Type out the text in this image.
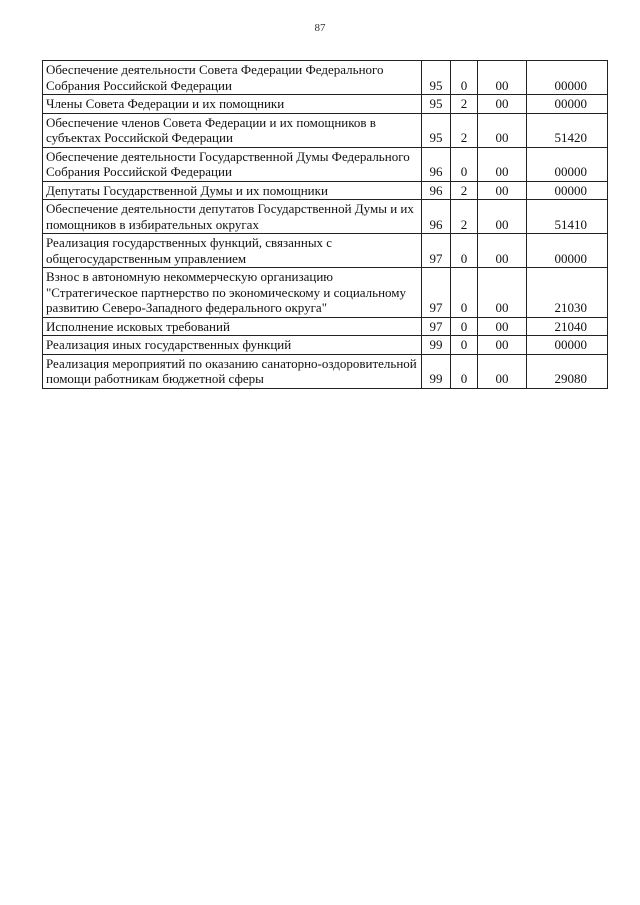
87
Обеспечение деятельности Совета Федерации Федерального Собрания Российской Федерации	95	0	00	00000
Члены Совета Федерации и их помощники	95	2	00	00000
Обеспечение членов Совета Федерации и их помощников в субъектах Российской Федерации	95	2	00	51420
Обеспечение деятельности Государственной Думы Федерального Собрания Российской Федерации	96	0	00	00000
Депутаты Государственной Думы и их помощники	96	2	00	00000
Обеспечение деятельности депутатов Государственной Думы и их помощников в избирательных округах	96	2	00	51410
Реализация государственных функций, связанных с общегосударственным управлением	97	0	00	00000
Взнос в автономную некоммерческую организацию "Стратегическое партнерство по экономическому и социальному развитию Северо-Западного федерального округа"	97	0	00	21030
Исполнение исковых требований	97	0	00	21040
Реализация иных государственных функций	99	0	00	00000
Реализация мероприятий по оказанию санаторно-оздоровительной помощи работникам бюджетной сферы	99	0	00	29080
